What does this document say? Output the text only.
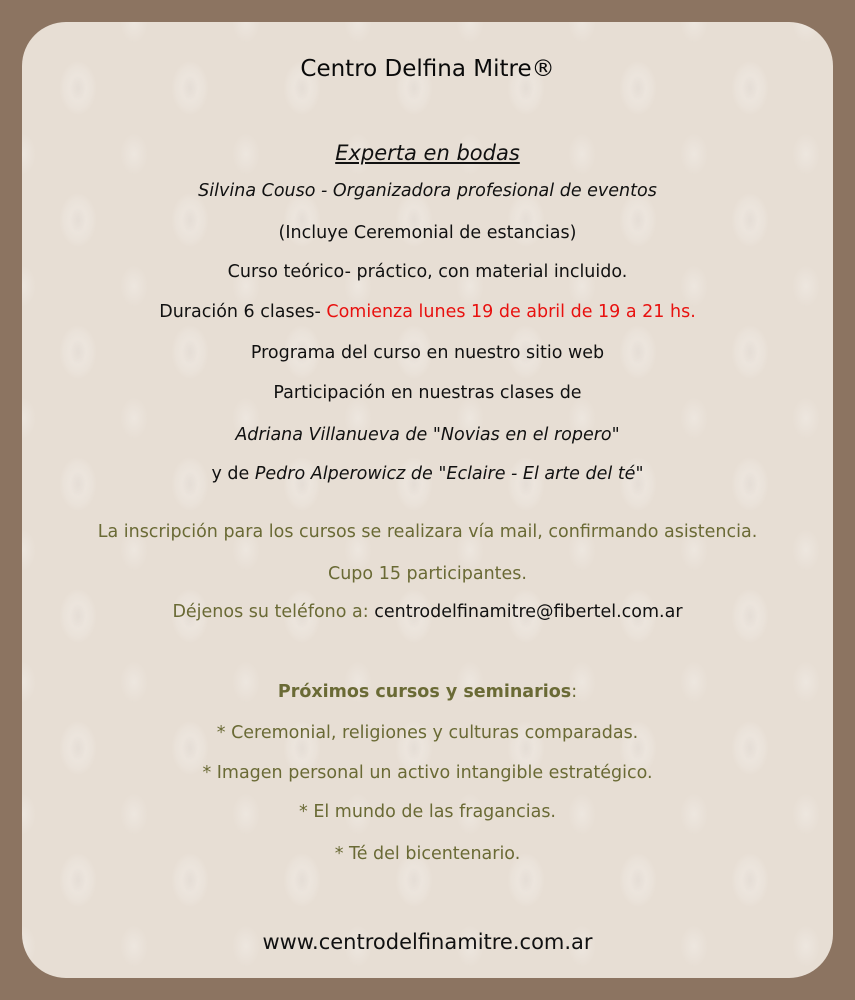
Centro Delfina Mitre®
Experta en bodas
Silvina Couso - Organizadora profesional de eventos
(Incluye Ceremonial de estancias)
Curso teórico- práctico, con material incluido.
Duración 6 clases- Comienza lunes 19 de abril de 19 a 21 hs.
Programa del curso en nuestro sitio web
Participación en nuestras clases de
Adriana Villanueva de "Novias en el ropero"
y de Pedro Alperowicz de "Eclaire - El arte del té"
La inscripción para los cursos se realizara vía mail, confirmando asistencia.
Cupo 15 participantes.
Déjenos su teléfono a: centrodelfinamitre@fibertel.com.ar
Próximos cursos y seminarios:
* Ceremonial, religiones y culturas comparadas.
* Imagen personal un activo intangible estratégico.
* El mundo de las fragancias.
* Té del bicentenario.
www.centrodelfinamitre.com.ar
